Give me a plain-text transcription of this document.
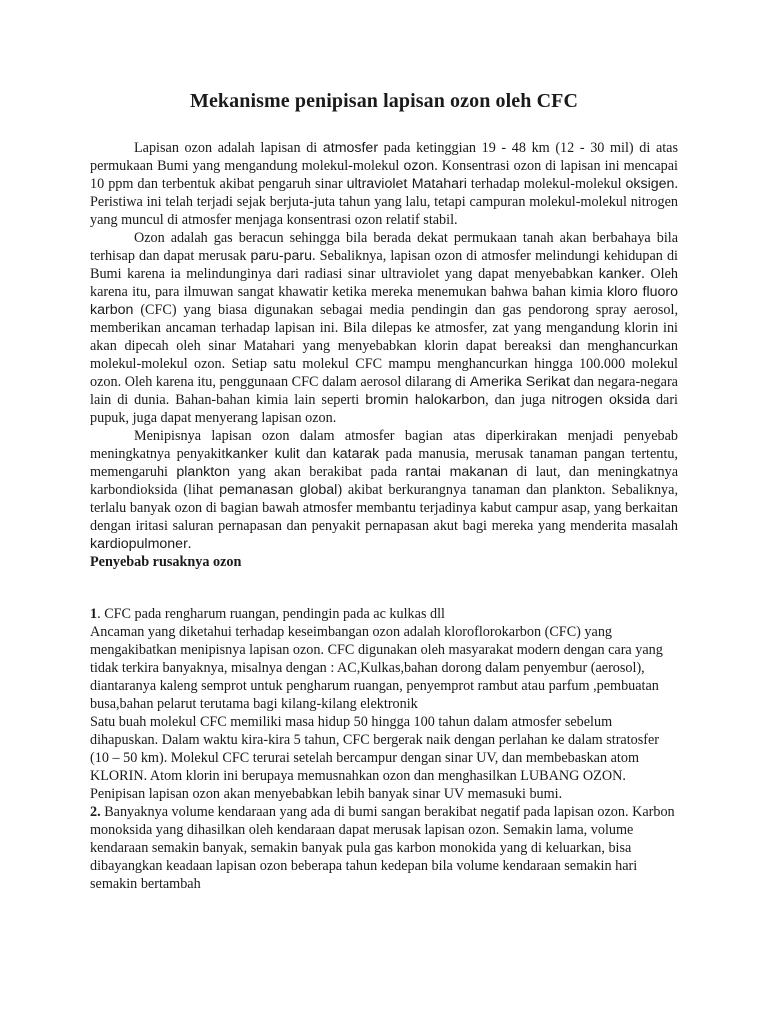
Mekanisme penipisan lapisan ozon oleh CFC

Lapisan ozon adalah lapisan di atmosfer pada ketinggian 19 - 48 km (12 - 30 mil) di atas permukaan Bumi yang mengandung molekul-molekul ozon. Konsentrasi ozon di lapisan ini mencapai 10 ppm dan terbentuk akibat pengaruh sinar ultraviolet Matahari terhadap molekul-molekul oksigen. Peristiwa ini telah terjadi sejak berjuta-juta tahun yang lalu, tetapi campuran molekul-molekul nitrogen yang muncul di atmosfer menjaga konsentrasi ozon relatif stabil.

Ozon adalah gas beracun sehingga bila berada dekat permukaan tanah akan berbahaya bila terhisap dan dapat merusak paru-paru. Sebaliknya, lapisan ozon di atmosfer melindungi kehidupan di Bumi karena ia melindunginya dari radiasi sinar ultraviolet yang dapat menyebabkan kanker. Oleh karena itu, para ilmuwan sangat khawatir ketika mereka menemukan bahwa bahan kimia kloro fluoro karbon (CFC) yang biasa digunakan sebagai media pendingin dan gas pendorong spray aerosol, memberikan ancaman terhadap lapisan ini. Bila dilepas ke atmosfer, zat yang mengandung klorin ini akan dipecah oleh sinar Matahari yang menyebabkan klorin dapat bereaksi dan menghancurkan molekul-molekul ozon. Setiap satu molekul CFC mampu menghancurkan hingga 100.000 molekul ozon. Oleh karena itu, penggunaan CFC dalam aerosol dilarang di Amerika Serikat dan negara-negara lain di dunia. Bahan-bahan kimia lain seperti bromin halokarbon, dan juga nitrogen oksida dari pupuk, juga dapat menyerang lapisan ozon.

Menipisnya lapisan ozon dalam atmosfer bagian atas diperkirakan menjadi penyebab meningkatnya penyakitkanker kulit dan katarak pada manusia, merusak tanaman pangan tertentu, memengaruhi plankton yang akan berakibat pada rantai makanan di laut, dan meningkatnya karbondioksida (lihat pemanasan global) akibat berkurangnya tanaman dan plankton. Sebaliknya, terlalu banyak ozon di bagian bawah atmosfer membantu terjadinya kabut campur asap, yang berkaitan dengan iritasi saluran pernapasan dan penyakit pernapasan akut bagi mereka yang menderita masalah kardiopulmoner.

Penyebab rusaknya ozon

1. CFC pada rengharum ruangan, pendingin pada ac kulkas dll

Ancaman yang diketahui terhadap keseimbangan ozon adalah kloroflorokarbon (CFC) yang mengakibatkan menipisnya lapisan ozon. CFC digunakan oleh masyarakat modern dengan cara yang tidak terkira banyaknya, misalnya dengan : AC,Kulkas,bahan dorong dalam penyembur (aerosol), diantaranya kaleng semprot untuk pengharum ruangan, penyemprot rambut atau parfum ,pembuatan busa,bahan pelarut terutama bagi kilang-kilang elektronik

Satu buah molekul CFC memiliki masa hidup 50 hingga 100 tahun dalam atmosfer sebelum dihapuskan. Dalam waktu kira-kira 5 tahun, CFC bergerak naik dengan perlahan ke dalam stratosfer (10 – 50 km). Molekul CFC terurai setelah bercampur dengan sinar UV, dan membebaskan atom KLORIN. Atom klorin ini berupaya memusnahkan ozon dan menghasilkan LUBANG OZON. Penipisan lapisan ozon akan menyebabkan lebih banyak sinar UV memasuki bumi.

2. Banyaknya volume kendaraan yang ada di bumi sangan berakibat negatif pada lapisan ozon. Karbon monoksida yang dihasilkan oleh kendaraan dapat merusak lapisan ozon. Semakin lama, volume kendaraan semakin banyak, semakin banyak pula gas karbon monokida yang di keluarkan, bisa dibayangkan keadaan lapisan ozon beberapa tahun kedepan bila volume kendaraan semakin hari semakin bertambah
